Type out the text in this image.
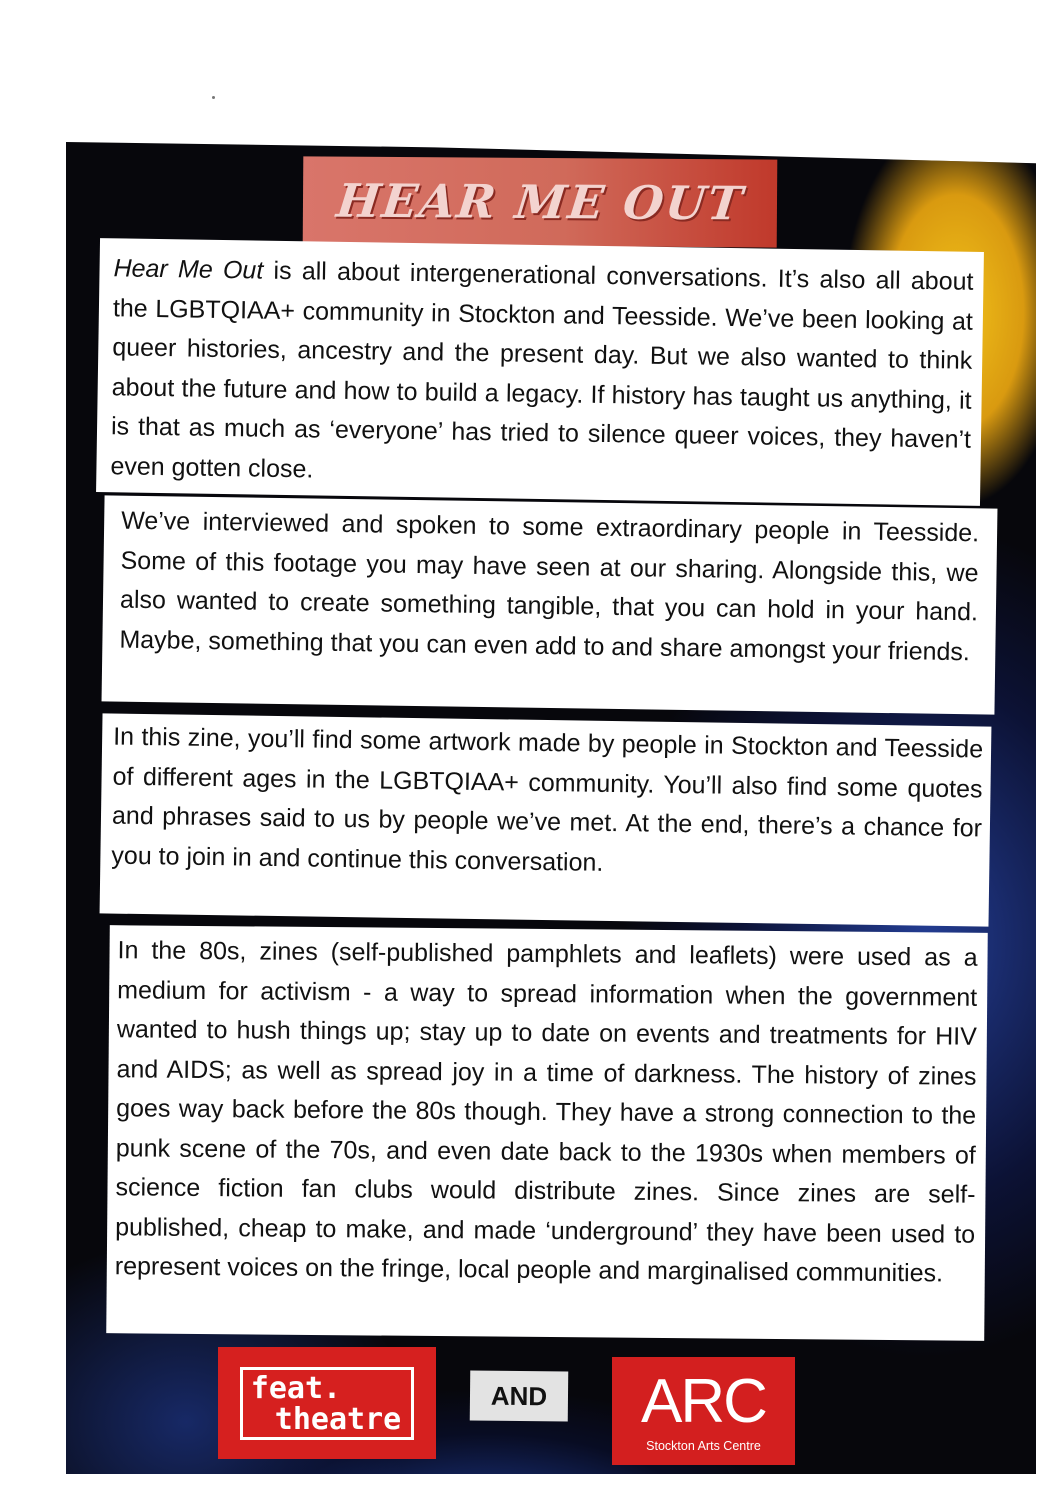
HEAR ME OUT

Hear Me Out is all about intergenerational conversations. It’s also all about the LGBTQIAA+ community in Stockton and Teesside. We’ve been looking at queer histories, ancestry and the present day. But we also wanted to think about the future and how to build a legacy. If history has taught us anything, it is that as much as ‘everyone’ has tried to silence queer voices, they haven’t even gotten close.

We’ve interviewed and spoken to some extraordinary people in Teesside. Some of this footage you may have seen at our sharing. Alongside this, we also wanted to create something tangible, that you can hold in your hand. Maybe, something that you can even add to and share amongst your friends.

In this zine, you’ll find some artwork made by people in Stockton and Teesside of different ages in the LGBTQIAA+ community. You’ll also find some quotes and phrases said to us by people we’ve met. At the end, there’s a chance for you to join in and continue this conversation.

In the 80s, zines (self-published pamphlets and leaflets) were used as a medium for activism - a way to spread information when the government wanted to hush things up; stay up to date on events and treatments for HIV and AIDS; as well as spread joy in a time of darkness. The history of zines goes way back before the 80s though. They have a strong connection to the punk scene of the 70s, and even date back to the 1930s when members of science fiction fan clubs would distribute zines. Since zines are self-published, cheap to make, and made ‘underground’ they have been used to represent voices on the fringe, local people and marginalised communities.

feat.
theatre
AND	ARC
Stockton Arts Centre
